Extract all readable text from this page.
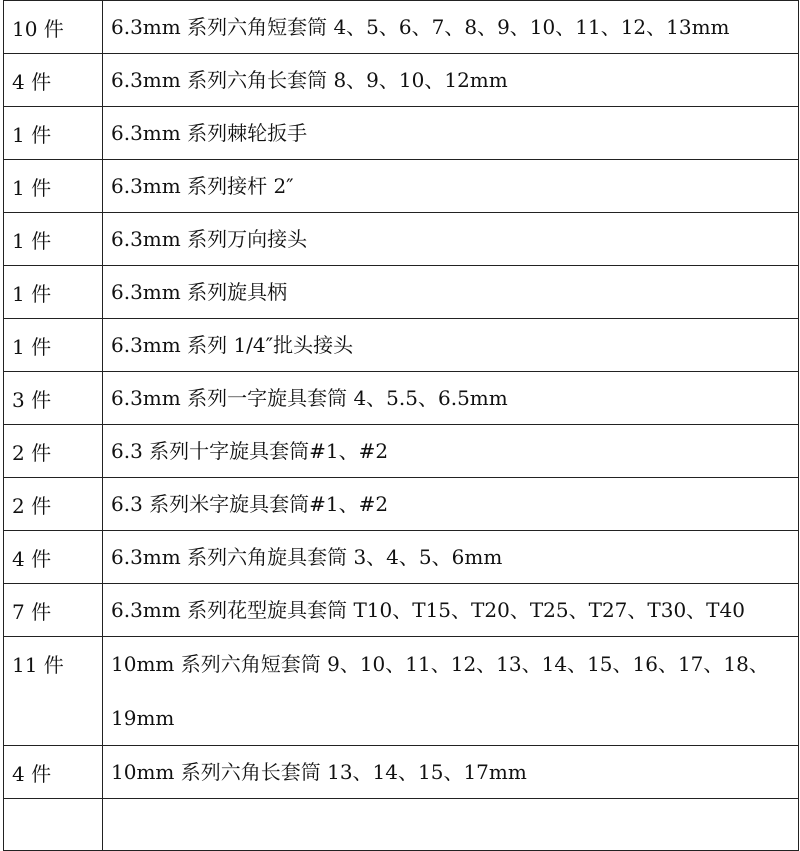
10 件	6.3mm 系列六角短套筒 4、5、6、7、8、9、10、11、12、13mm
4 件	6.3mm 系列六角长套筒 8、9、10、12mm
1 件	6.3mm 系列棘轮扳手
1 件	6.3mm 系列接杆 2″
1 件	6.3mm 系列万向接头
1 件	6.3mm 系列旋具柄
1 件	6.3mm 系列 1/4″批头接头
3 件	6.3mm 系列一字旋具套筒 4、5.5、6.5mm
2 件	6.3 系列十字旋具套筒#1、#2
2 件	6.3 系列米字旋具套筒#1、#2
4 件	6.3mm 系列六角旋具套筒 3、4、5、6mm
7 件	6.3mm 系列花型旋具套筒 T10、T15、T20、T25、T27、T30、T40
11 件	10mm 系列六角短套筒 9、10、11、12、13、14、15、16、17、18、19mm
4 件	10mm 系列六角长套筒 13、14、15、17mm
